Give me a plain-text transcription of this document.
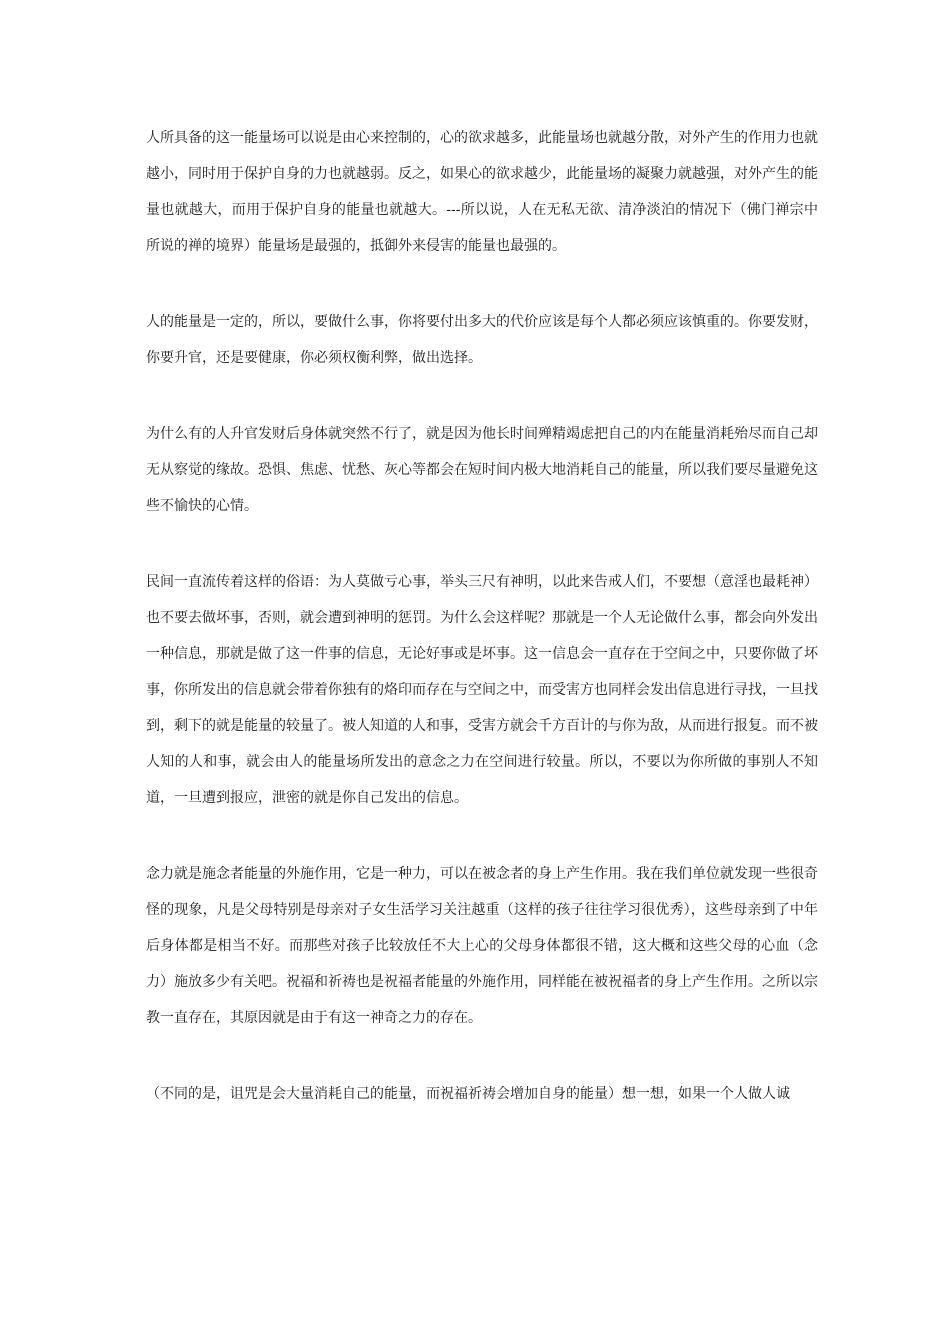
人所具备的这一能量场可以说是由心来控制的，心的欲求越多，此能量场也就越分散，对外产生的作用力也就越小，同时用于保护自身的力也就越弱。反之，如果心的欲求越少，此能量场的凝聚力就越强，对外产生的能量也就越大，而用于保护自身的能量也就越大。---所以说，人在无私无欲、清净淡泊的情况下（佛门禅宗中所说的禅的境界）能量场是最强的，抵御外来侵害的能量也最强的。

人的能量是一定的，所以，要做什么事，你将要付出多大的代价应该是每个人都必须应该慎重的。你要发财，你要升官，还是要健康，你必须权衡利弊，做出选择。

为什么有的人升官发财后身体就突然不行了，就是因为他长时间殚精竭虑把自己的内在能量消耗殆尽而自己却无从察觉的缘故。恐惧、焦虑、忧愁、灰心等都会在短时间内极大地消耗自己的能量，所以我们要尽量避免这些不愉快的心情。

民间一直流传着这样的俗语：为人莫做亏心事，举头三尺有神明，以此来告戒人们，不要想（意淫也最耗神）也不要去做坏事，否则，就会遭到神明的惩罚。为什么会这样呢？那就是一个人无论做什么事，都会向外发出一种信息，那就是做了这一件事的信息，无论好事或是坏事。这一信息会一直存在于空间之中，只要你做了坏事，你所发出的信息就会带着你独有的烙印而存在与空间之中，而受害方也同样会发出信息进行寻找，一旦找到，剩下的就是能量的较量了。被人知道的人和事，受害方就会千方百计的与你为敌，从而进行报复。而不被人知的人和事，就会由人的能量场所发出的意念之力在空间进行较量。所以，不要以为你所做的事别人不知道，一旦遭到报应，泄密的就是你自己发出的信息。

念力就是施念者能量的外施作用，它是一种力，可以在被念者的身上产生作用。我在我们单位就发现一些很奇怪的现象，凡是父母特别是母亲对子女生活学习关注越重（这样的孩子往往学习很优秀），这些母亲到了中年后身体都是相当不好。而那些对孩子比较放任不大上心的父母身体都很不错，这大概和这些父母的心血（念力）施放多少有关吧。祝福和祈祷也是祝福者能量的外施作用，同样能在被祝福者的身上产生作用。之所以宗教一直存在，其原因就是由于有这一神奇之力的存在。

（不同的是，诅咒是会大量消耗自己的能量，而祝福祈祷会增加自身的能量）想一想，如果一个人做人诚
